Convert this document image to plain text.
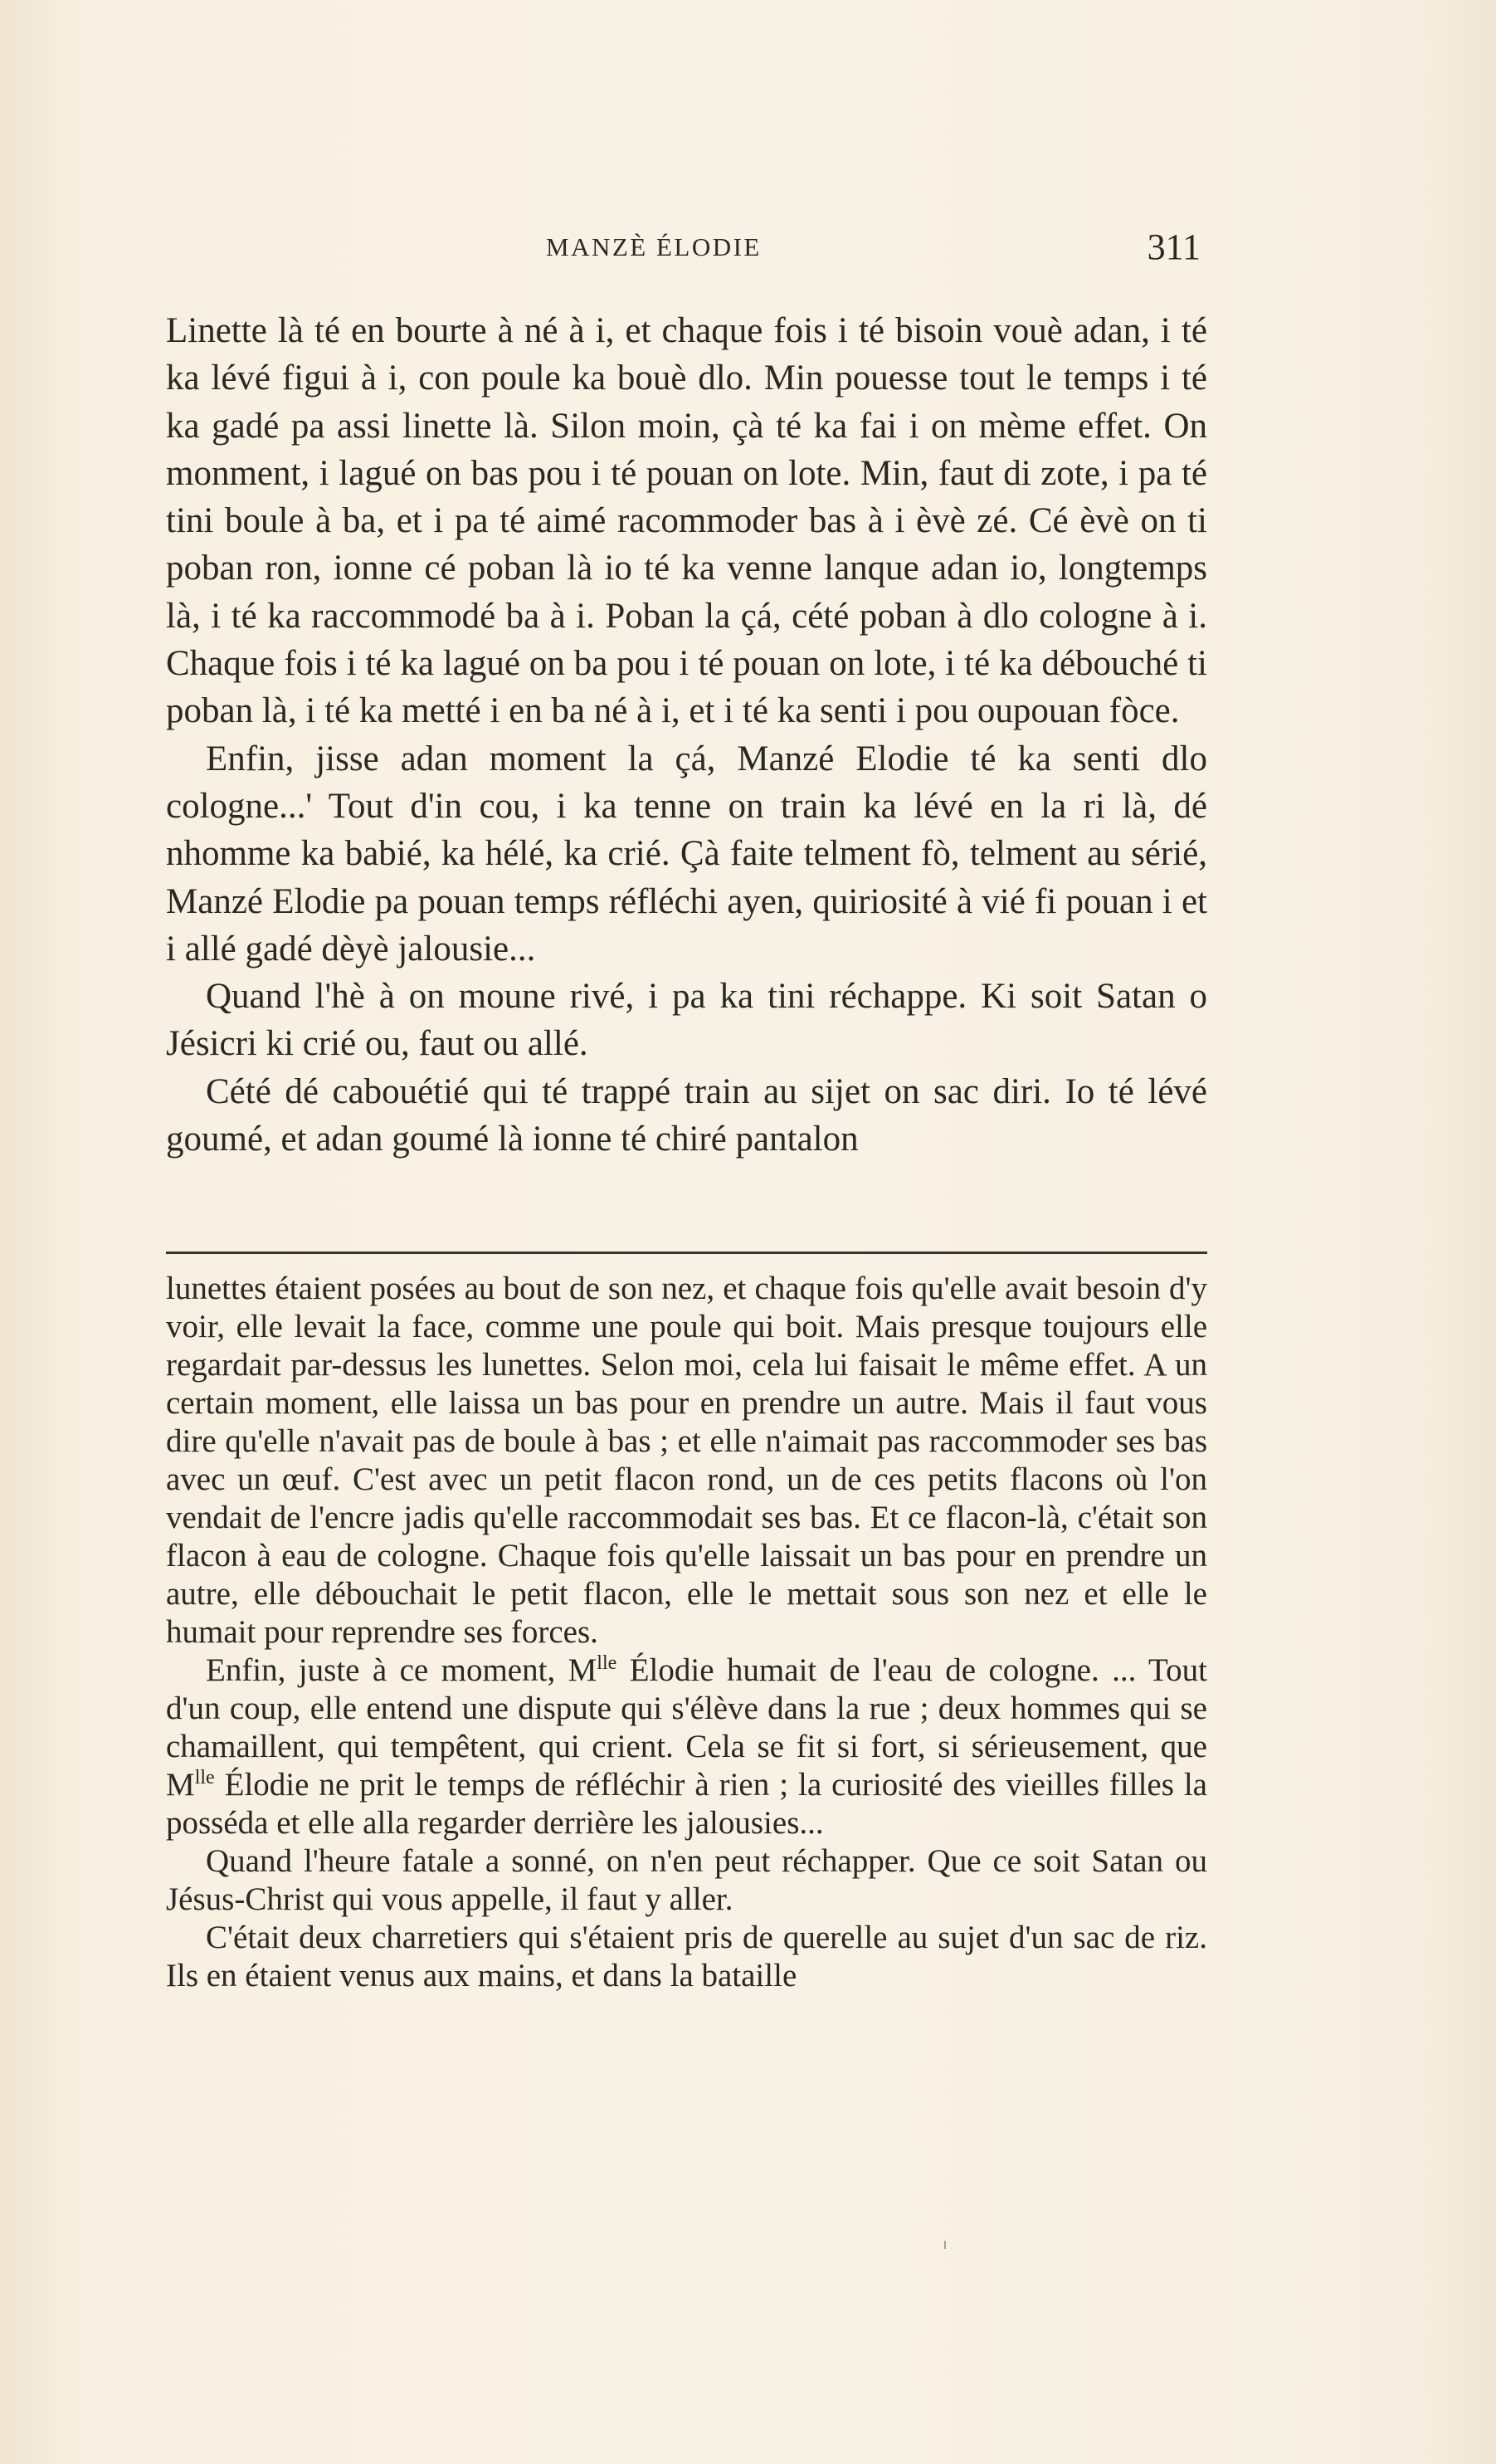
MANZÈ ÉLODIE	311

Linette là té en bourte à né à i, et chaque fois i té bisoin vouè adan, i té ka lévé figui à i, con poule ka bouè dlo. Min pouesse tout le temps i té ka gadé pa assi linette là. Silon moin, çà té ka fai i on mème effet. On monment, i lagué on bas pou i té pouan on lote. Min, faut di zote, i pa té tini boule à ba, et i pa té aimé racommoder bas à i èvè zé. Cé èvè on ti poban ron, ionne cé poban là io té ka venne lanque adan io, longtemps là, i té ka raccommodé ba à i. Poban la çá, cété poban à dlo cologne à i. Chaque fois i té ka lagué on ba pou i té pouan on lote, i té ka débouché ti poban là, i té ka metté i en ba né à i, et i té ka senti i pou oupouan fòce.

Enfin, jisse adan moment la çá, Manzé Elodie té ka senti dlo cologne...' Tout d'in cou, i ka tenne on train ka lévé en la ri là, dé nhomme ka babié, ka hélé, ka crié. Çà faite telment fò, telment au sérié, Manzé Elodie pa pouan temps réfléchi ayen, quiriosité à vié fi pouan i et i allé gadé dèyè jalousie...

Quand l'hè à on moune rivé, i pa ka tini réchappe. Ki soit Satan o Jésicri ki crié ou, faut ou allé.

Cété dé cabouétié qui té trappé train au sijet on sac diri. Io té lévé goumé, et adan goumé là ionne té chiré pantalon

lunettes étaient posées au bout de son nez, et chaque fois qu'elle avait besoin d'y voir, elle levait la face, comme une poule qui boit. Mais presque toujours elle regardait par-dessus les lunettes. Selon moi, cela lui faisait le même effet. A un certain moment, elle laissa un bas pour en prendre un autre. Mais il faut vous dire qu'elle n'avait pas de boule à bas ; et elle n'aimait pas raccommoder ses bas avec un œuf. C'est avec un petit flacon rond, un de ces petits flacons où l'on vendait de l'encre jadis qu'elle raccommodait ses bas. Et ce flacon-là, c'était son flacon à eau de cologne. Chaque fois qu'elle laissait un bas pour en prendre un autre, elle débouchait le petit flacon, elle le mettait sous son nez et elle le humait pour reprendre ses forces.

Enfin, juste à ce moment, $M^{lle}$ Élodie humait de l'eau de cologne. ... Tout d'un coup, elle entend une dispute qui s'élève dans la rue ; deux hommes qui se chamaillent, qui tempêtent, qui crient. Cela se fit si fort, si sérieusement, que $M^{lle}$ Élodie ne prit le temps de réfléchir à rien ; la curiosité des vieilles filles la posséda et elle alla regarder derrière les jalousies...

Quand l'heure fatale a sonné, on n'en peut réchapper. Que ce soit Satan ou Jésus-Christ qui vous appelle, il faut y aller.

C'était deux charretiers qui s'étaient pris de querelle au sujet d'un sac de riz. Ils en étaient venus aux mains, et dans la bataille
